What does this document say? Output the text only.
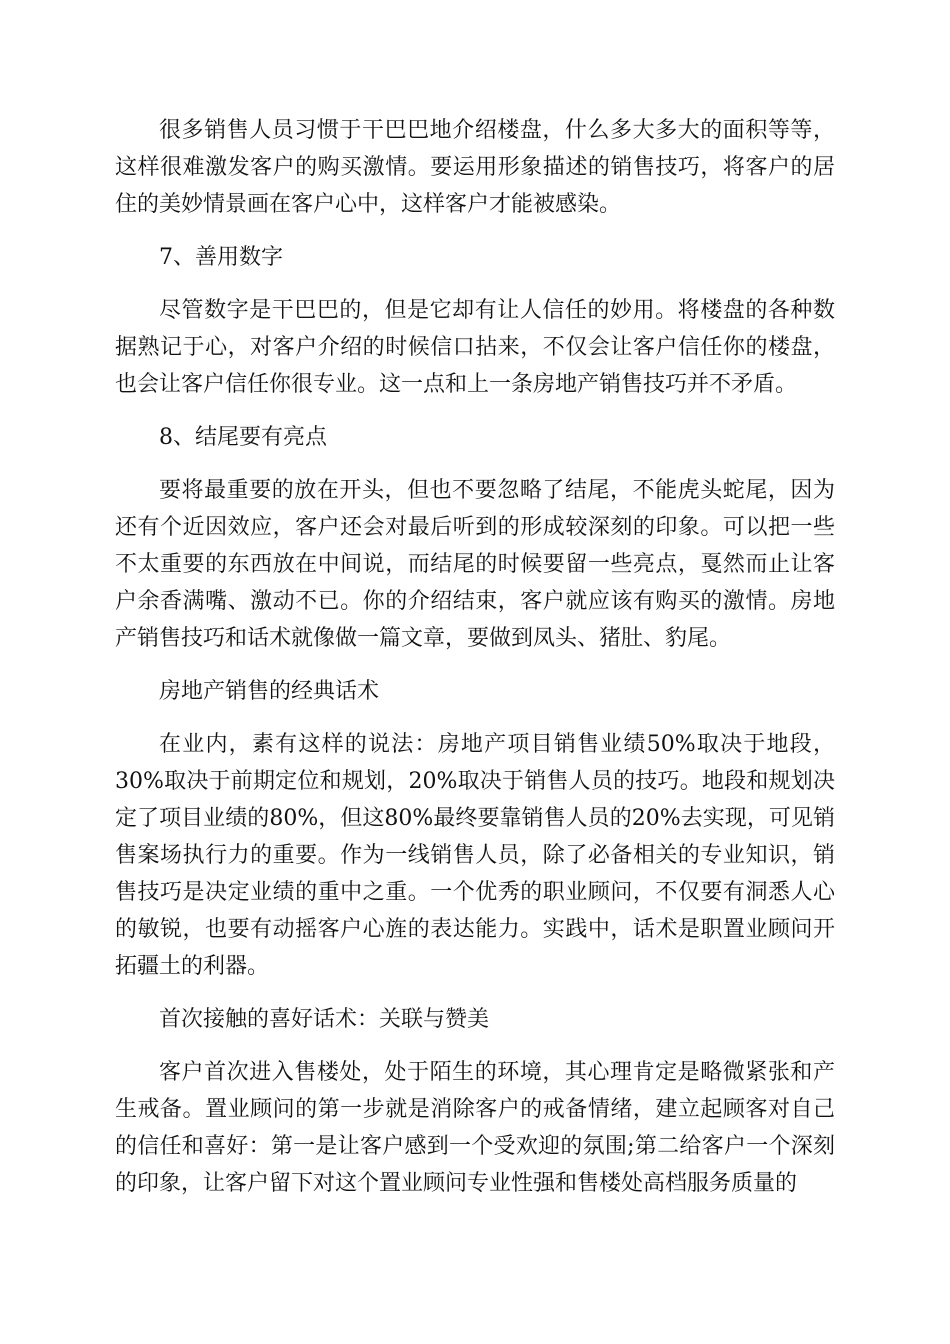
很多销售人员习惯于干巴巴地介绍楼盘，什么多大多大的面积等等，这样很难激发客户的购买激情。要运用形象描述的销售技巧，将客户的居住的美妙情景画在客户心中，这样客户才能被感染。

7、善用数字

尽管数字是干巴巴的，但是它却有让人信任的妙用。将楼盘的各种数据熟记于心，对客户介绍的时候信口拈来，不仅会让客户信任你的楼盘，也会让客户信任你很专业。这一点和上一条房地产销售技巧并不矛盾。

8、结尾要有亮点

要将最重要的放在开头，但也不要忽略了结尾，不能虎头蛇尾，因为还有个近因效应，客户还会对最后听到的形成较深刻的印象。可以把一些不太重要的东西放在中间说，而结尾的时候要留一些亮点，戛然而止让客户余香满嘴、激动不已。你的介绍结束，客户就应该有购买的激情。房地产销售技巧和话术就像做一篇文章，要做到凤头、猪肚、豹尾。

房地产销售的经典话术

在业内，素有这样的说法：房地产项目销售业绩50%取决于地段，30%取决于前期定位和规划，20%取决于销售人员的技巧。地段和规划决定了项目业绩的80%，但这80%最终要靠销售人员的20%去实现，可见销售案场执行力的重要。作为一线销售人员，除了必备相关的专业知识，销售技巧是决定业绩的重中之重。一个优秀的职业顾问，不仅要有洞悉人心的敏锐，也要有动摇客户心旌的表达能力。实践中，话术是职置业顾问开拓疆土的利器。

首次接触的喜好话术：关联与赞美

客户首次进入售楼处，处于陌生的环境，其心理肯定是略微紧张和产生戒备。置业顾问的第一步就是消除客户的戒备情绪，建立起顾客对自己的信任和喜好：第一是让客户感到一个受欢迎的氛围;第二给客户一个深刻的印象，让客户留下对这个置业顾问专业性强和售楼处高档服务质量的
